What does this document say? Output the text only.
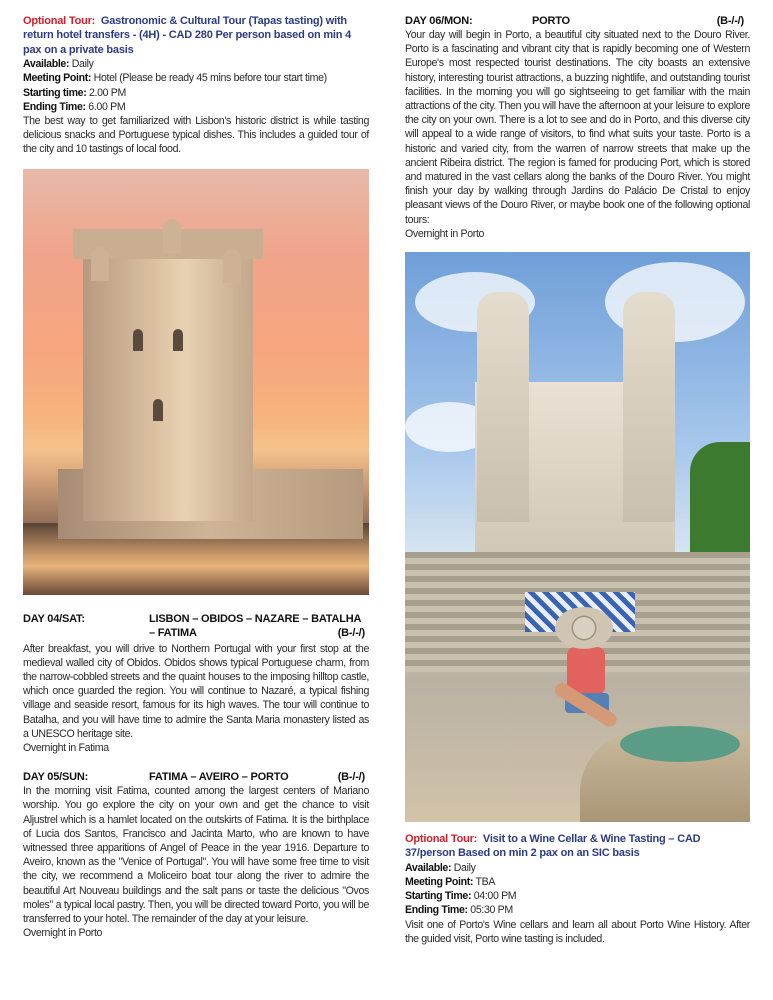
Optional Tour: Gastronomic & Cultural Tour (Tapas tasting) with return hotel transfers - (4H) - CAD 280 Per person based on min 4 pax on a private basis

Available: Daily

Meeting Point: Hotel (Please be ready 45 mins before tour start time)

Starting time: 2.00 PM

Ending Time: 6.00 PM

The best way to get familiarized with Lisbon's historic district is while tasting delicious snacks and Portuguese typical dishes. This includes a guided tour of the city and 10 tastings of local food.

DAY 04/SAT:	LISBON – OBIDOS – NAZARE – BATALHA – FATIMA	(B-/-/)

After breakfast, you will drive to Northern Portugal with your first stop at the medieval walled city of Obidos. Obidos shows typical Portuguese charm, from the narrow-cobbled streets and the quaint houses to the imposing hilltop castle, which once guarded the region. You will continue to Nazaré, a typical fishing village and seaside resort, famous for its high waves. The tour will continue to Batalha, and you will have time to admire the Santa Maria monastery listed as a UNESCO heritage site.

Overnight in Fatima

DAY 05/SUN:	FATIMA – AVEIRO – PORTO	(B-/-/)

In the morning visit Fatima, counted among the largest centers of Mariano worship. You go explore the city on your own and get the chance to visit Aljustrel which is a hamlet located on the outskirts of Fatima. It is the birthplace of Lucia dos Santos, Francisco and Jacinta Marto, who are known to have witnessed three apparitions of Angel of Peace in the year 1916. Departure to Aveiro, known as the "Venice of Portugal". You will have some free time to visit the city, we recommend a Moliceiro boat tour along the river to admire the beautiful Art Nouveau buildings and the salt pans or taste the delicious "Ovos moles" a typical local pastry. Then, you will be directed toward Porto, you will be transferred to your hotel. The remainder of the day at your leisure.

Overnight in Porto

DAY 06/MON:	PORTO	(B-/-/)

Your day will begin in Porto, a beautiful city situated next to the Douro River. Porto is a fascinating and vibrant city that is rapidly becoming one of Western Europe's most respected tourist destinations. The city boasts an extensive history, interesting tourist attractions, a buzzing nightlife, and outstanding tourist facilities. In the morning you will go sightseeing to get familiar with the main attractions of the city. Then you will have the afternoon at your leisure to explore the city on your own. There is a lot to see and do in Porto, and this diverse city will appeal to a wide range of visitors, to find what suits your taste. Porto is a historic and varied city, from the warren of narrow streets that make up the ancient Ribeira district. The region is famed for producing Port, which is stored and matured in the vast cellars along the banks of the Douro River. You might finish your day by walking through Jardins do Palácio De Cristal to enjoy pleasant views of the Douro River, or maybe book one of the following optional tours:

Overnight in Porto

Optional Tour: Visit to a Wine Cellar & Wine Tasting – CAD 37/person Based on min 2 pax on an SIC basis

Available: Daily

Meeting Point: TBA

Starting Time: 04:00 PM

Ending Time: 05:30 PM

Visit one of Porto's Wine cellars and learn all about Porto Wine History. After the guided visit, Porto wine tasting is included.
